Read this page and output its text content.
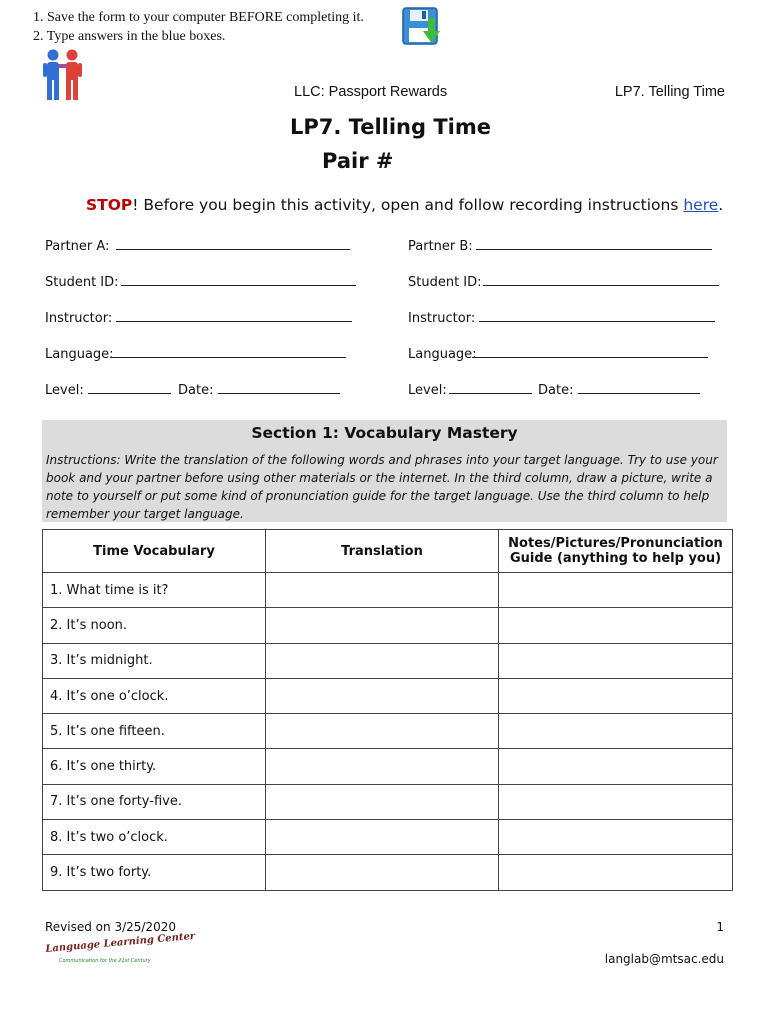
1. Save the form to your computer BEFORE completing it.
2. Type answers in the blue boxes.
LLC: Passport Rewards	LP7. Telling Time
LP7. Telling Time
Pair #
STOP! Before you begin this activity, open and follow recording instructions here.
Partner A:
Student ID:
Instructor:
Language:
Level:	Date:
Partner B:
Student ID:
Instructor:
Language:
Level:	Date:
Section 1: Vocabulary Mastery
Instructions: Write the translation of the following words and phrases into your target language. Try to use your book and your partner before using other materials or the internet. In the third column, draw a picture, write a note to yourself or put some kind of pronunciation guide for the target language. Use the third column to help remember your target language.
Time Vocabulary	Translation	Notes/Pictures/Pronunciation Guide (anything to help you)
1. What time is it?		
2. It’s noon.		
3. It’s midnight.		
4. It’s one o’clock.		
5. It’s one fifteen.		
6. It’s one thirty.		
7. It’s one forty-five.		
8. It’s two o’clock.		
9. It’s two forty.		
Revised on 3/25/2020	1
langlab@mtsac.edu
Language Learning Center
Communication for the 21st Century
